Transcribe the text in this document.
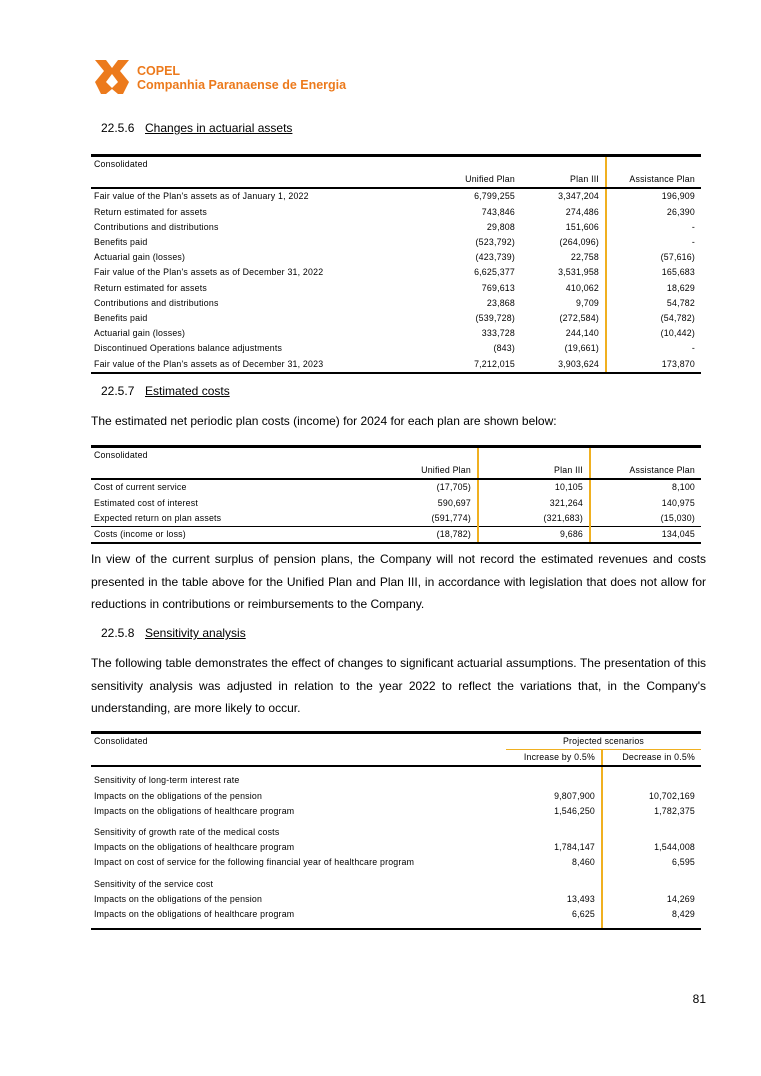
COPEL
Companhia Paranaense de Energia
22.5.6 Changes in actuarial assets
Consolidated			
	Unified Plan	Plan III	Assistance Plan
Fair value of the Plan's assets as of January 1, 2022	6,799,255	3,347,204	196,909
Return estimated for assets	743,846	274,486	26,390
Contributions and distributions	29,808	151,606	-
Benefits paid	(523,792)	(264,096)	-
Actuarial gain (losses)	(423,739)	22,758	(57,616)
Fair value of the Plan's assets as of December 31, 2022	6,625,377	3,531,958	165,683
Return estimated for assets	769,613	410,062	18,629
Contributions and distributions	23,868	9,709	54,782
Benefits paid	(539,728)	(272,584)	(54,782)
Actuarial gain (losses)	333,728	244,140	(10,442)
Discontinued Operations balance adjustments	(843)	(19,661)	-
Fair value of the Plan's assets as of December 31, 2023	7,212,015	3,903,624	173,870
22.5.7 Estimated costs
The estimated net periodic plan costs (income) for 2024 for each plan are shown below:
Consolidated			
	Unified Plan	Plan III	Assistance Plan
Cost of current service	(17,705)	10,105	8,100
Estimated cost of interest	590,697	321,264	140,975
Expected return on plan assets	(591,774)	(321,683)	(15,030)
Costs (income or loss)	(18,782)	9,686	134,045
In view of the current surplus of pension plans, the Company will not record the estimated revenues and costs presented in the table above for the Unified Plan and Plan III, in accordance with legislation that does not allow for reductions in contributions or reimbursements to the Company.
22.5.8 Sensitivity analysis
The following table demonstrates the effect of changes to significant actuarial assumptions. The presentation of this sensitivity analysis was adjusted in relation to the year 2022 to reflect the variations that, in the Company's understanding, are more likely to occur.
Consolidated	Projected scenarios	
	Increase by 0.5%	Decrease in 0.5%

Sensitivity of long-term interest rate		
Impacts on the obligations of the pension	9,807,900	10,702,169
Impacts on the obligations of healthcare program	1,546,250	1,782,375

Sensitivity of growth rate of the medical costs		
Impacts on the obligations of healthcare program	1,784,147	1,544,008
Impact on cost of service for the following financial year of healthcare program	8,460	6,595

Sensitivity of the service cost		
Impacts on the obligations of the pension	13,493	14,269
Impacts on the obligations of healthcare program	6,625	8,429

81
